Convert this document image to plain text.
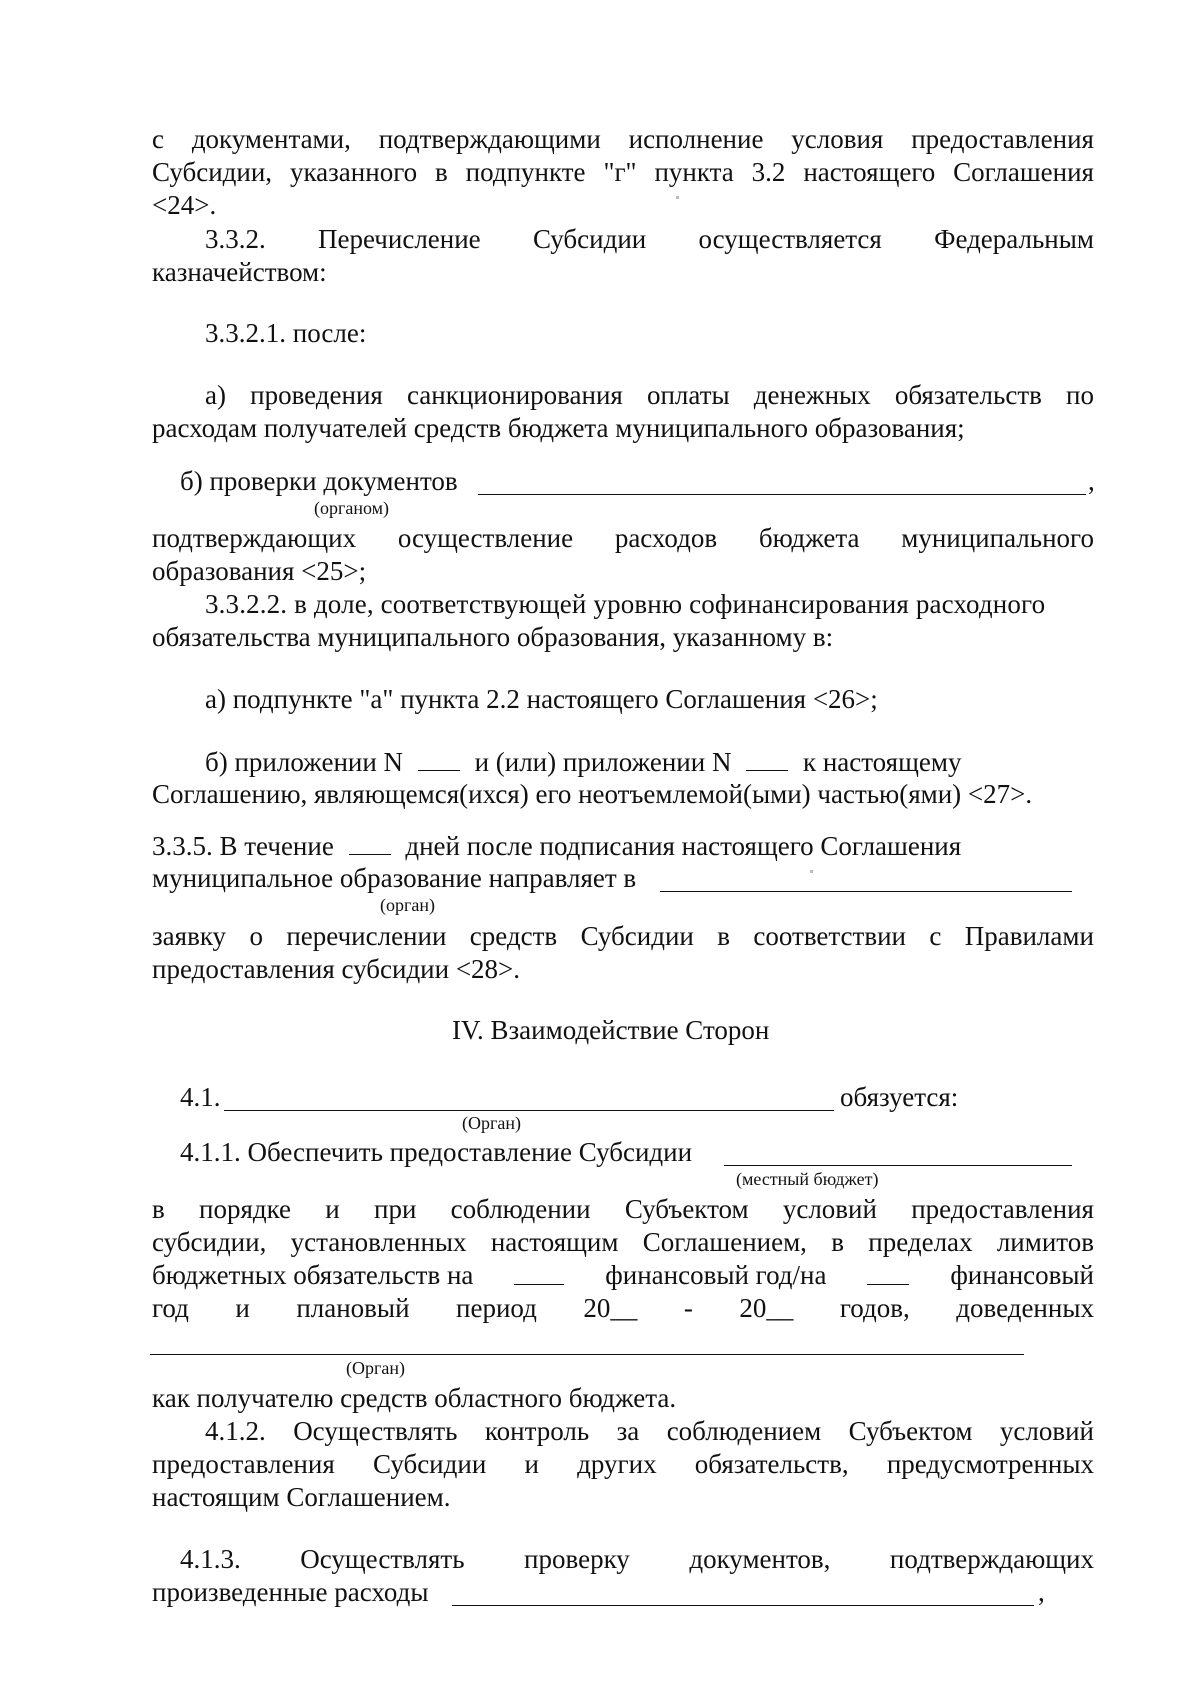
с документами, подтверждающими исполнение условия предоставления
Субсидии, указанного в подпункте "г" пункта 3.2 настоящего Соглашения
<24>.
3.3.2. Перечисление Субсидии осуществляется Федеральным
казначейством:
3.3.2.1. после:
а) проведения санкционирования оплаты денежных обязательств по
расходам получателей средств бюджета муниципального образования;
б) проверки документов	,
(органом)
подтверждающих осуществление расходов бюджета муниципального
образования <25>;
3.3.2.2. в доле, соответствующей уровню софинансирования расходного
обязательства муниципального образования, указанному в:
а) подпункте "а" пункта 2.2 настоящего Соглашения <26>;
б) приложении N	и (или) приложении N	к настоящему
Соглашению, являющемся(ихся) его неотъемлемой(ыми) частью(ями) <27>.
3.3.5. В течение	дней после подписания настоящего Соглашения
муниципальное образование направляет в
(орган)
заявку о перечислении средств Субсидии в соответствии с Правилами
предоставления субсидии <28>.
IV. Взаимодействие Сторон
4.1.	обязуется:
(Орган)
4.1.1. Обеспечить предоставление Субсидии
(местный бюджет)
в порядке и при соблюдении Субъектом условий предоставления
субсидии, установленных настоящим Соглашением, в пределах лимитов
бюджетных обязательств на	финансовый год/на	финансовый
год и плановый период 20__ - 20__ годов, доведенных
(Орган)
как получателю средств областного бюджета.
4.1.2. Осуществлять контроль за соблюдением Субъектом условий
предоставления Субсидии и других обязательств, предусмотренных
настоящим Соглашением.
4.1.3. Осуществлять проверку документов, подтверждающих
произведенные расходы	,
